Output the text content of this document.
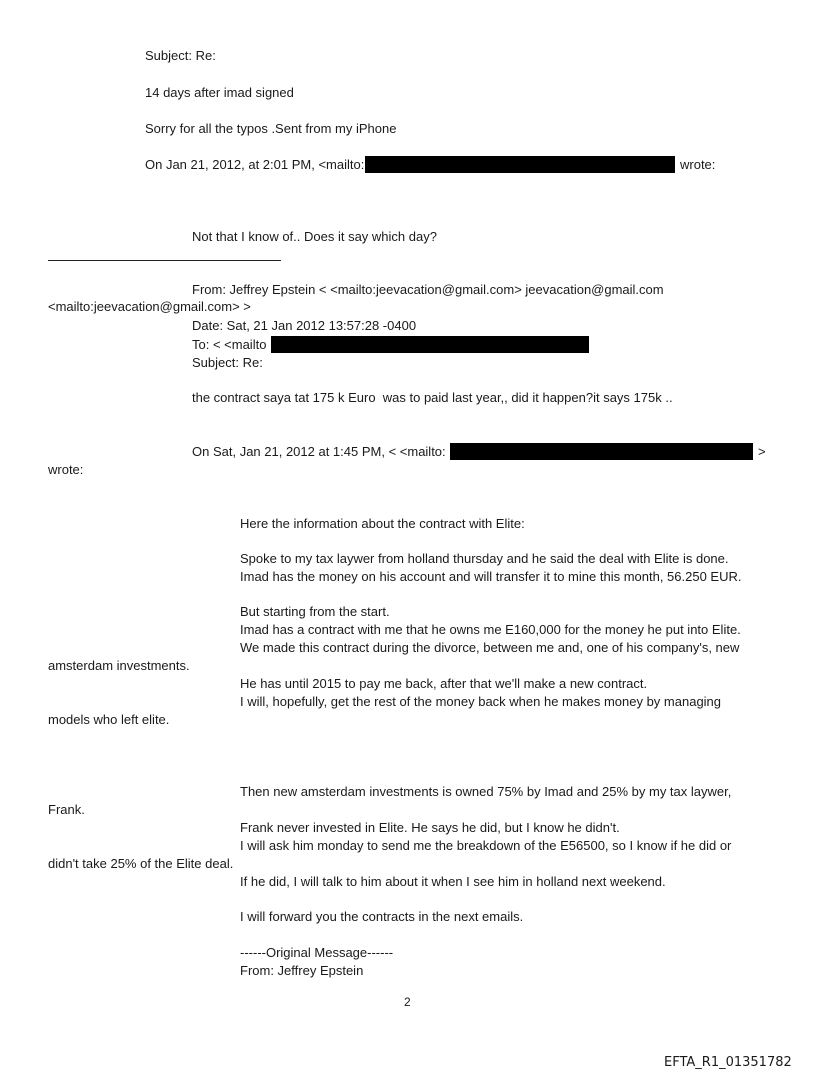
Subject: Re:
14 days after imad signed
Sorry for all the typos .Sent from my iPhone
On Jan 21, 2012, at 2:01 PM, <mailto:	wrote:
Not that I know of.. Does it say which day?
From: Jeffrey Epstein < <mailto:jeevacation@gmail.com> jeevacation@gmail.com
<mailto:jeevacation@gmail.com> >
Date: Sat, 21 Jan 2012 13:57:28 -0400
To: < <mailto
Subject: Re:
the contract saya tat 175 k Euro  was to paid last year,, did it happen?it says 175k ..
On Sat, Jan 21, 2012 at 1:45 PM, < <mailto:	>
wrote:
Here the information about the contract with Elite:
Spoke to my tax laywer from holland thursday and he said the deal with Elite is done.
Imad has the money on his account and will transfer it to mine this month, 56.250 EUR.
But starting from the start.
Imad has a contract with me that he owns me E160,000 for the money he put into Elite.
We made this contract during the divorce, between me and, one of his company's, new
amsterdam investments.
He has until 2015 to pay me back, after that we'll make a new contract.
I will, hopefully, get the rest of the money back when he makes money by managing
models who left elite.
Then new amsterdam investments is owned 75% by Imad and 25% by my tax laywer,
Frank.
Frank never invested in Elite. He says he did, but I know he didn't.
I will ask him monday to send me the breakdown of the E56500, so I know if he did or
didn't take 25% of the Elite deal.
If he did, I will talk to him about it when I see him in holland next weekend.
I will forward you the contracts in the next emails.
------Original Message------
From: Jeffrey Epstein
2
EFTA_R1_01351782
